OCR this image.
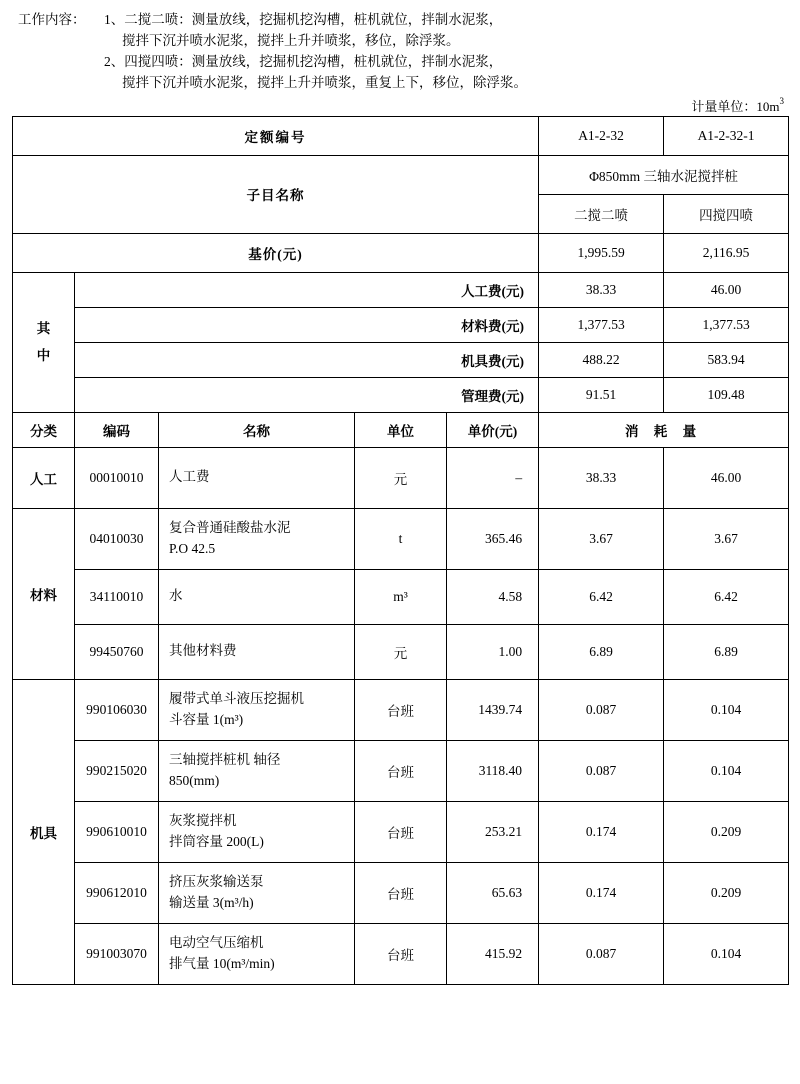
工作内容：	1、二搅二喷：测量放线，挖掘机挖沟槽，桩机就位，拌制水泥浆，
搅拌下沉并喷水泥浆，搅拌上升并喷浆，移位，除浮浆。
2、四搅四喷：测量放线，挖掘机挖沟槽，桩机就位，拌制水泥浆，
搅拌下沉并喷水泥浆，搅拌上升并喷浆，重复上下，移位，除浮浆。
计量单位：10m 3
定额编号					A1-2-32	A1-2-32-1
子目名称					Φ850mm 三轴水泥搅拌桩	
					二搅二喷	四搅四喷
基价(元)					1,995.59	2,116.95

其
中	人工费(元)				38.33	46.00
	材料费(元)				1,377.53	1,377.53
	机具费(元)				488.22	583.94
	管理费(元)				91.51	109.48
分类	编码	名称	单位	单价(元)	消 耗 量	
人工	00010010	人工费	元	–	38.33	46.00
材料	04010030	复合普通硅酸盐水泥
P.O 42.5	t	365.46	3.67	3.67
	34110010	水	m³	4.58	6.42	6.42
	99450760	其他材料费	元	1.00	6.89	6.89
机具	990106030	履带式单斗液压挖掘机
斗容量 1(m³)	台班	1439.74	0.087	0.104
	990215020	三轴搅拌桩机 轴径
850(mm)	台班	3118.40	0.087	0.104
	990610010	灰浆搅拌机
拌筒容量 200(L)	台班	253.21	0.174	0.209
	990612010	挤压灰浆输送泵
输送量 3(m³/h)	台班	65.63	0.174	0.209
	991003070	电动空气压缩机
排气量 10(m³/min)	台班	415.92	0.087	0.104
